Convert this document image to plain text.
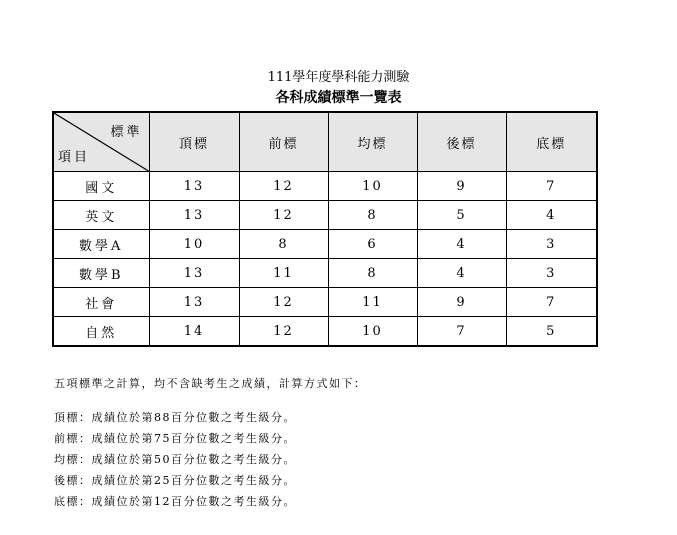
111學年度學科能力測驗
各科成績標準一覽表
標準
項目	頂標	前標	均標	後標	底標
國文	13	12	10	9	7
英文	13	12	8	5	4
數學A	10	8	6	4	3
數學B	13	11	8	4	3
社會	13	12	11	9	7
自然	14	12	10	7	5
五項標準之計算，均不含缺考生之成績，計算方式如下：
頂標：成績位於第88百分位數之考生級分。
前標：成績位於第75百分位數之考生級分。
均標：成績位於第50百分位數之考生級分。
後標：成績位於第25百分位數之考生級分。
底標：成績位於第12百分位數之考生級分。
